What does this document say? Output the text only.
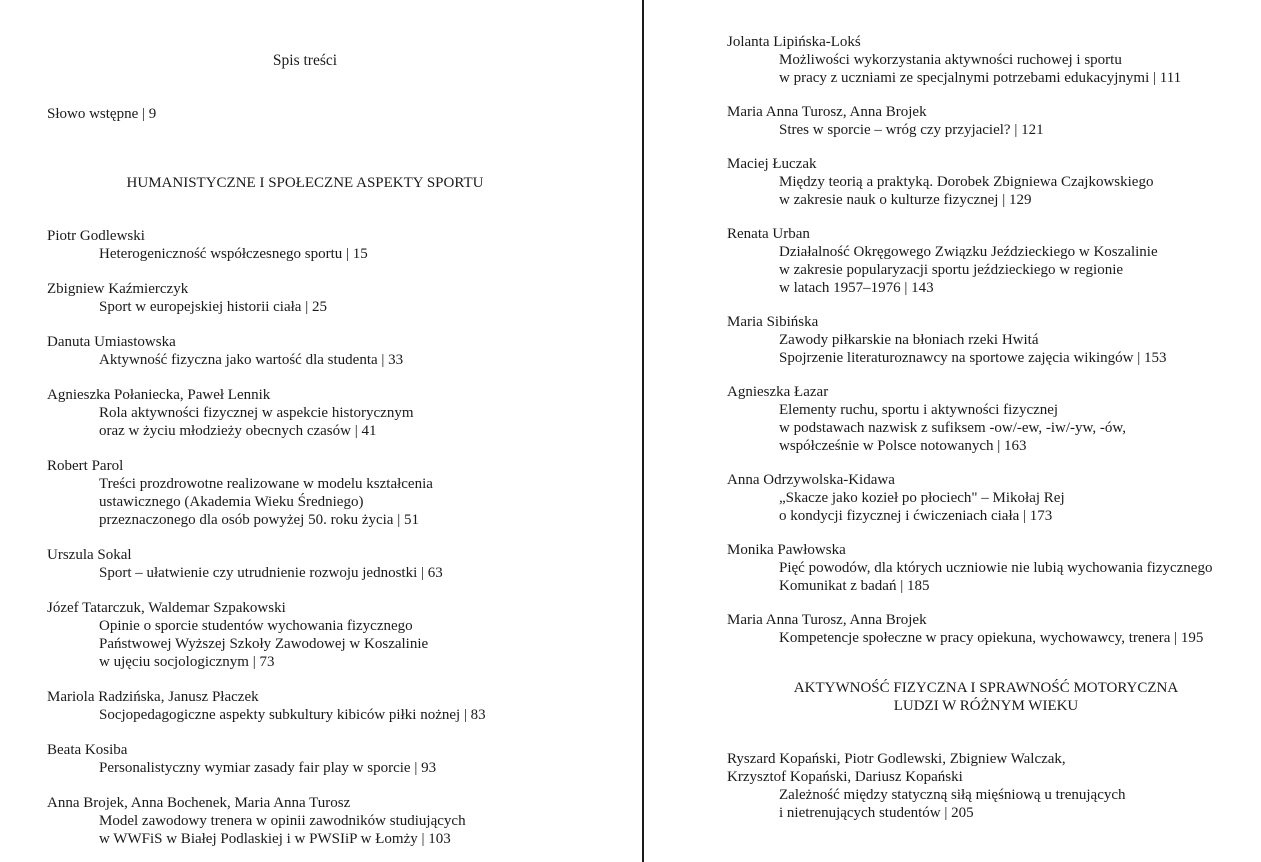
Spis treści
Słowo wstępne | 9
HUMANISTYCZNE I SPOŁECZNE ASPEKTY SPORTU
Piotr Godlewski
Heterogeniczność współczesnego sportu | 15
Zbigniew Kaźmierczyk
Sport w europejskiej historii ciała | 25
Danuta Umiastowska
Aktywność fizyczna jako wartość dla studenta | 33
Agnieszka Połaniecka, Paweł Lennik
Rola aktywności fizycznej w aspekcie historycznym
oraz w życiu młodzieży obecnych czasów | 41
Robert Parol
Treści prozdrowotne realizowane w modelu kształcenia
ustawicznego (Akademia Wieku Średniego)
przeznaczonego dla osób powyżej 50. roku życia | 51
Urszula Sokal
Sport – ułatwienie czy utrudnienie rozwoju jednostki | 63
Józef Tatarczuk, Waldemar Szpakowski
Opinie o sporcie studentów wychowania fizycznego
Państwowej Wyższej Szkoły Zawodowej w Koszalinie
w ujęciu socjologicznym | 73
Mariola Radzińska, Janusz Płaczek
Socjopedagogiczne aspekty subkultury kibiców piłki nożnej | 83
Beata Kosiba
Personalistyczny wymiar zasady fair play w sporcie | 93
Anna Brojek, Anna Bochenek, Maria Anna Turosz
Model zawodowy trenera w opinii zawodników studiujących
w WWFiS w Białej Podlaskiej i w PWSIiP w Łomży | 103
Jolanta Lipińska-Lokś
Możliwości wykorzystania aktywności ruchowej i sportu
w pracy z uczniami ze specjalnymi potrzebami edukacyjnymi | 111
Maria Anna Turosz, Anna Brojek
Stres w sporcie – wróg czy przyjaciel? | 121
Maciej Łuczak
Między teorią a praktyką. Dorobek Zbigniewa Czajkowskiego
w zakresie nauk o kulturze fizycznej | 129
Renata Urban
Działalność Okręgowego Związku Jeździeckiego w Koszalinie
w zakresie popularyzacji sportu jeździeckiego w regionie
w latach 1957–1976 | 143
Maria Sibińska
Zawody piłkarskie na błoniach rzeki Hwitá
Spojrzenie literaturoznawcy na sportowe zajęcia wikingów | 153
Agnieszka Łazar
Elementy ruchu, sportu i aktywności fizycznej
w podstawach nazwisk z sufiksem -ow/-ew, -iw/-yw, -ów,
współcześnie w Polsce notowanych | 163
Anna Odrzywolska-Kidawa
„Skacze jako kozieł po płociech" – Mikołaj Rej
o kondycji fizycznej i ćwiczeniach ciała | 173
Monika Pawłowska
Pięć powodów, dla których uczniowie nie lubią wychowania fizycznego
Komunikat z badań | 185
Maria Anna Turosz, Anna Brojek
Kompetencje społeczne w pracy opiekuna, wychowawcy, trenera | 195
AKTYWNOŚĆ FIZYCZNA I SPRAWNOŚĆ MOTORYCZNA
LUDZI W RÓŻNYM WIEKU
Ryszard Kopański, Piotr Godlewski, Zbigniew Walczak,
Krzysztof Kopański, Dariusz Kopański
Zależność między statyczną siłą mięśniową u trenujących
i nietrenujących studentów | 205
